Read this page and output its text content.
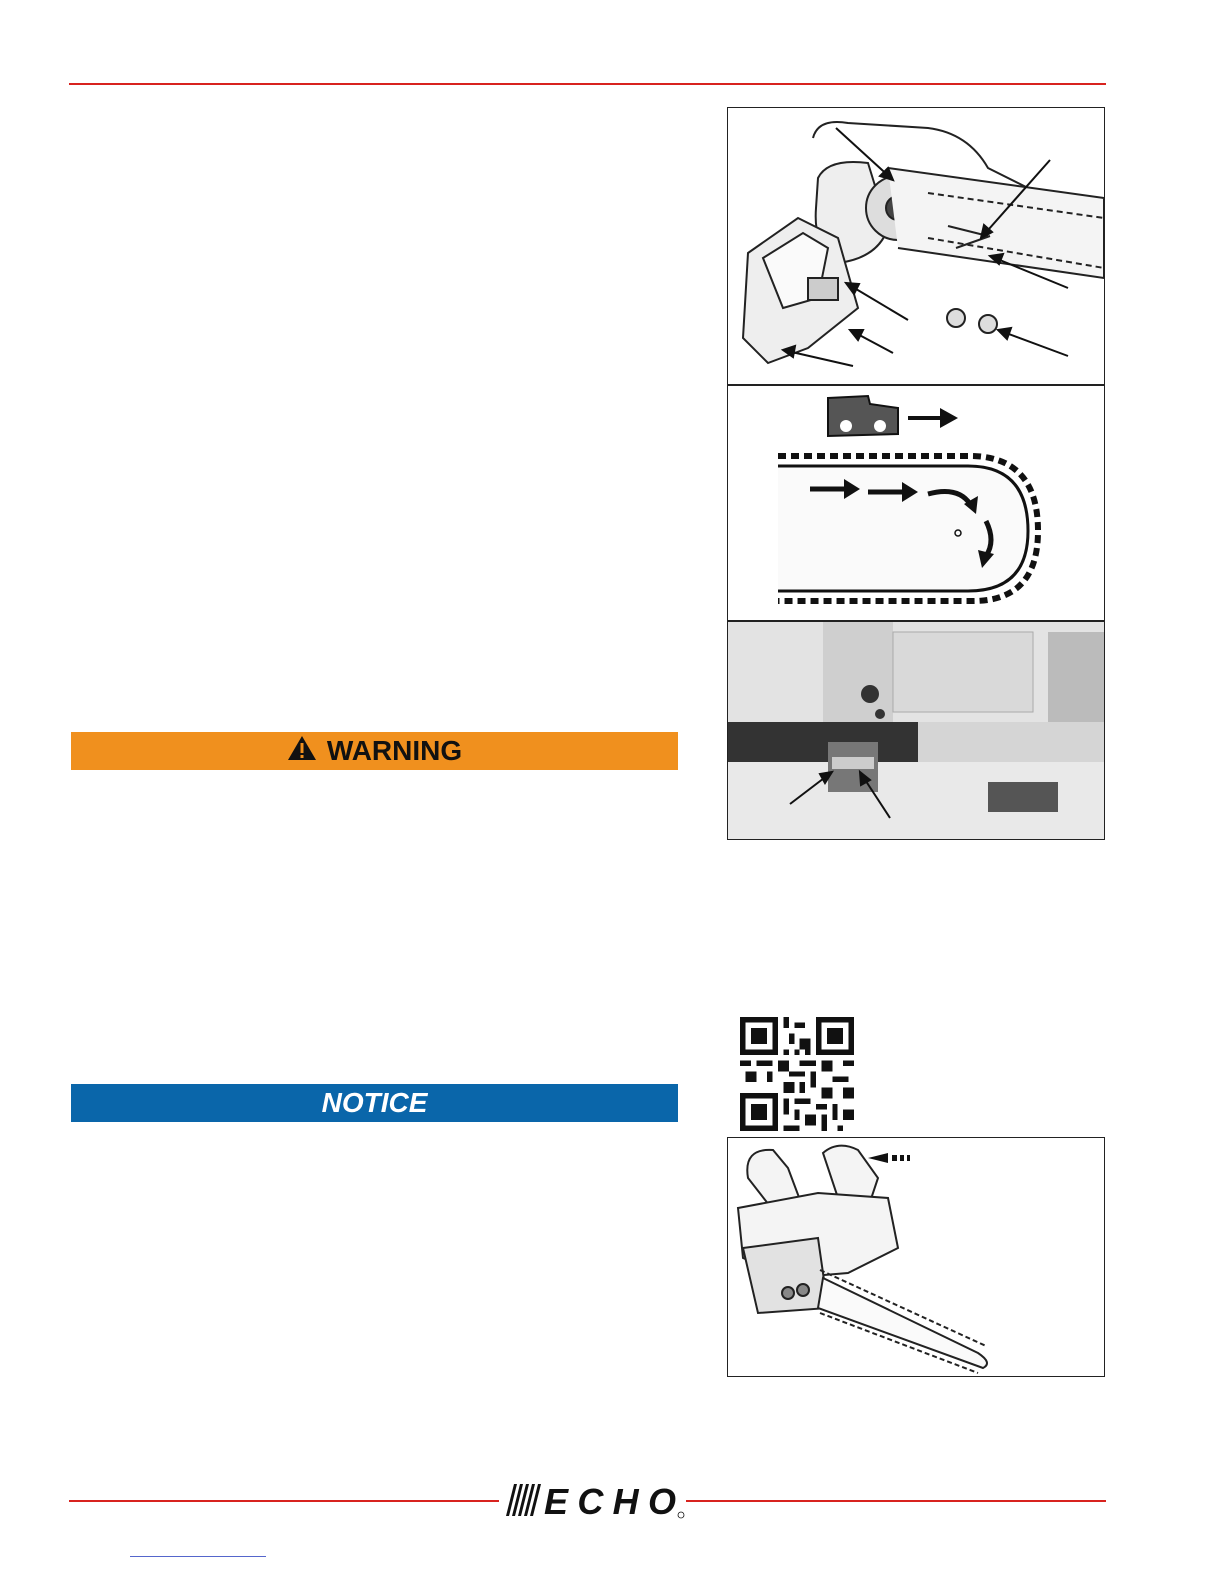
WARNING
NOTICE
ECHO
